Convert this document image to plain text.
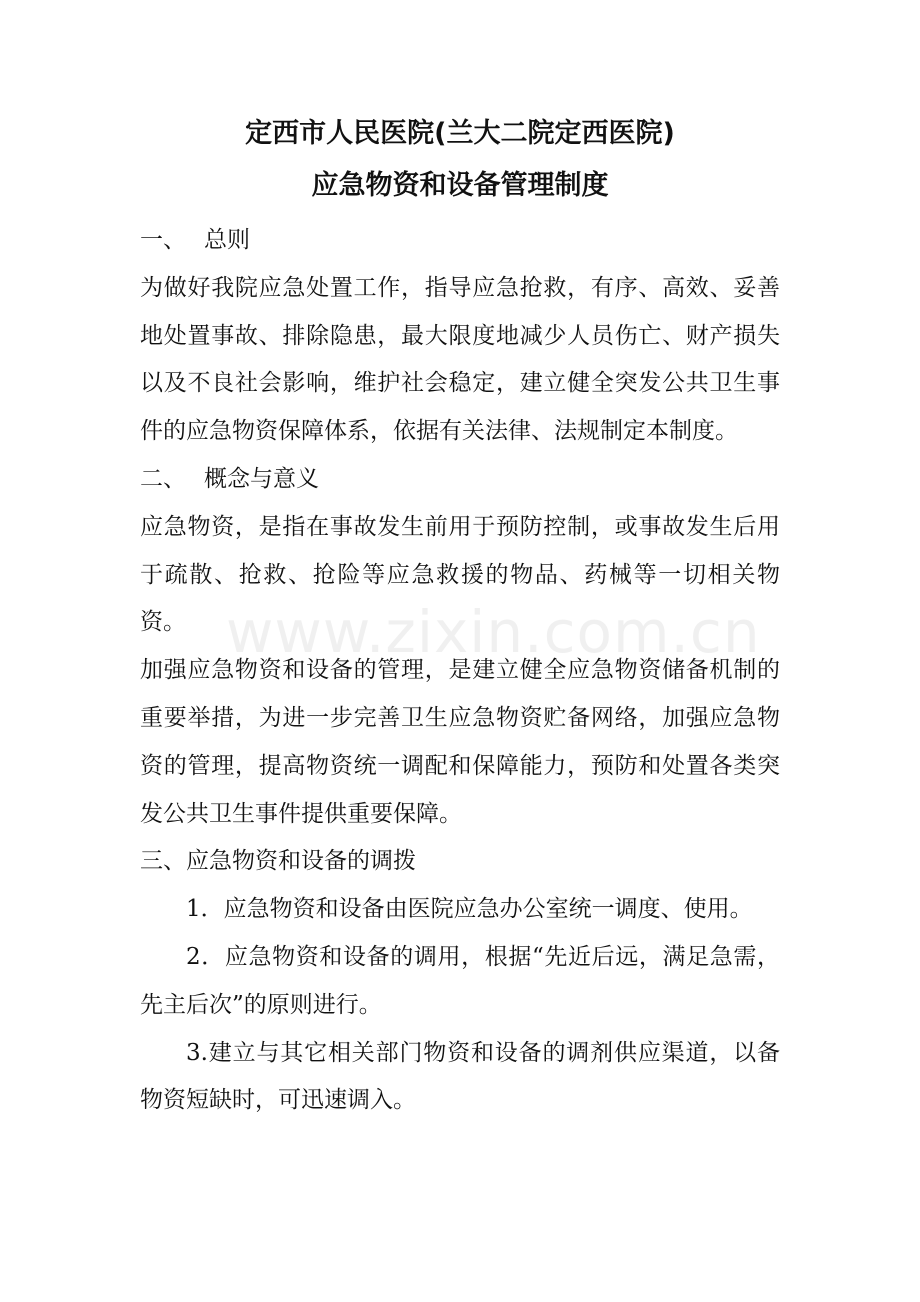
定西市人民医院(兰大二院定西医院)
应急物资和设备管理制度

一、 总则

为做好我院应急处置工作，指导应急抢救，有序、高效、妥善地处置事故、排除隐患，最大限度地减少人员伤亡、财产损失以及不良社会影响，维护社会稳定，建立健全突发公共卫生事件的应急物资保障体系，依据有关法律、法规制定本制度。

二、 概念与意义

应急物资，是指在事故发生前用于预防控制，或事故发生后用于疏散、抢救、抢险等应急救援的物品、药械等一切相关物资。

加强应急物资和设备的管理，是建立健全应急物资储备机制的重要举措，为进一步完善卫生应急物资贮备网络，加强应急物资的管理，提高物资统一调配和保障能力，预防和处置各类突发公共卫生事件提供重要保障。

三、应急物资和设备的调拨

1．应急物资和设备由医院应急办公室统一调度、使用。

2．应急物资和设备的调用，根据“先近后远，满足急需，先主后次”的原则进行。

3.建立与其它相关部门物资和设备的调剂供应渠道，以备物资短缺时，可迅速调入。

www.zixin.com.cn
